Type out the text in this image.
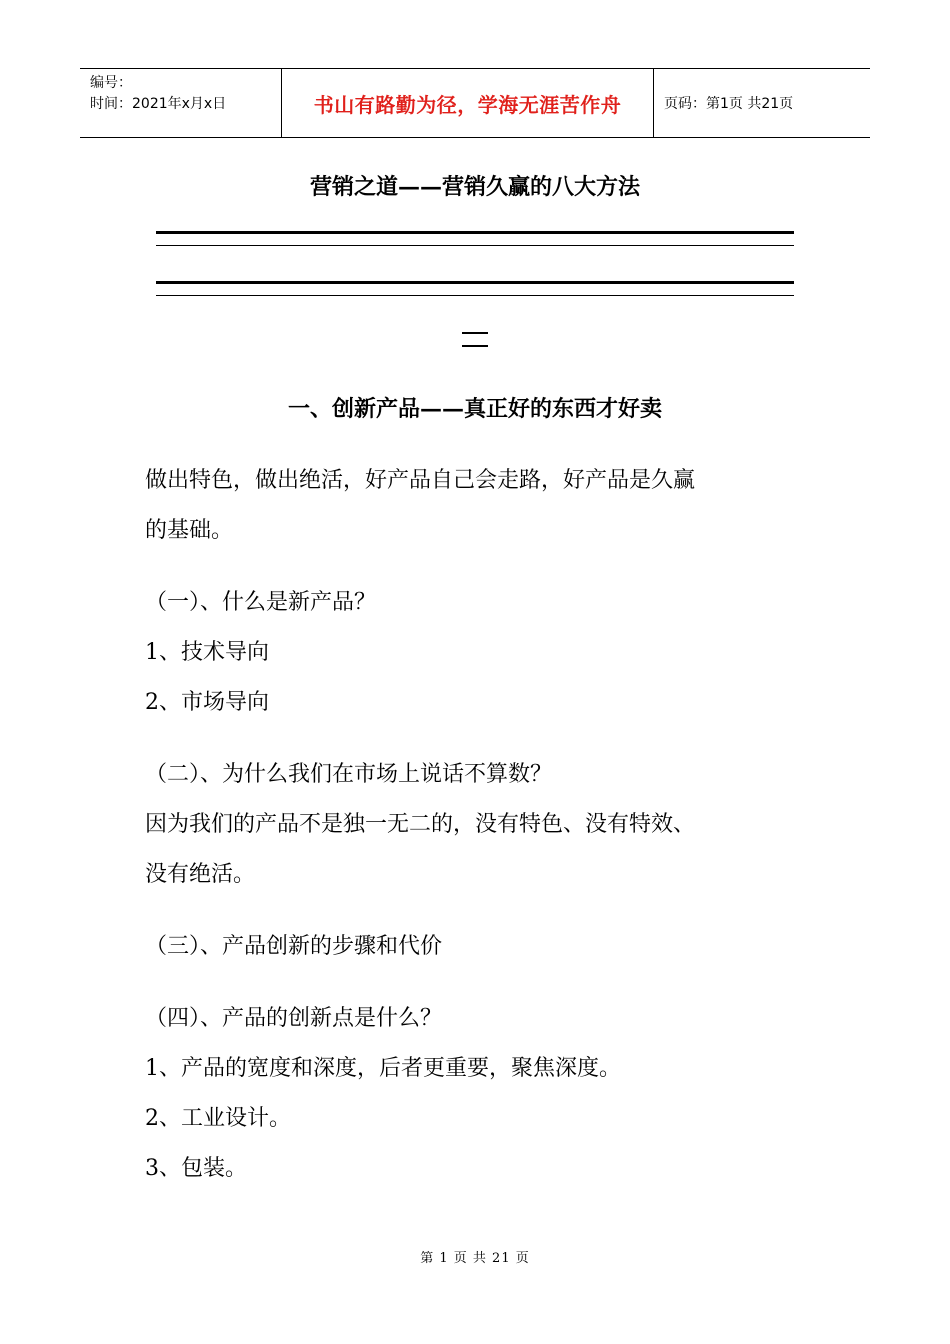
编号：
时间：2021年x月x日	书山有路勤为径，学海无涯苦作舟	页码：第1页 共21页
营销之道——营销久赢的八大方法
一、创新产品——真正好的东西才好卖
做出特色，做出绝活，好产品自己会走路，好产品是久赢
的基础。
（一）、什么是新产品？
1、技术导向
2、市场导向
（二）、为什么我们在市场上说话不算数？
因为我们的产品不是独一无二的，没有特色、没有特效、
没有绝活。
（三）、产品创新的步骤和代价
（四）、产品的创新点是什么？
1、产品的宽度和深度，后者更重要，聚焦深度。
2、工业设计。
3、包装。
第 1 页 共 21 页
